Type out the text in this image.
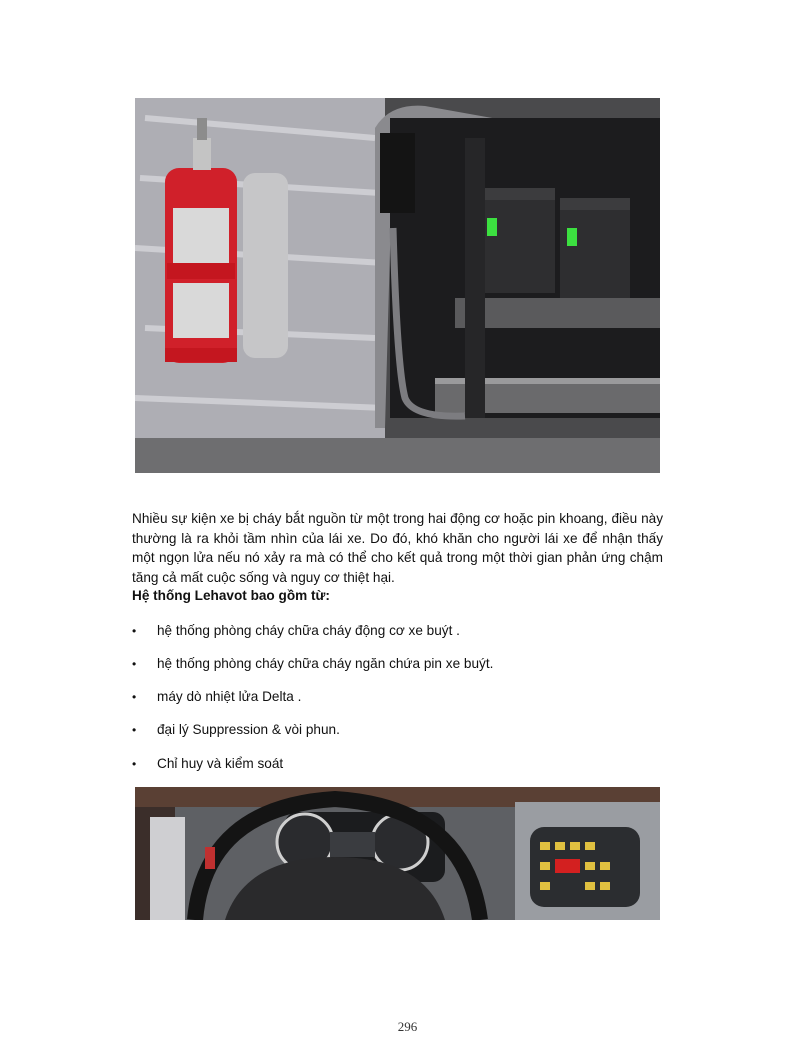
Nhiều sự kiện xe bị cháy bắt nguồn từ một trong hai động cơ hoặc pin khoang, điều này thường là ra khỏi tầm nhìn của lái xe. Do đó, khó khăn cho người lái xe để nhận thấy một ngọn lửa nếu nó xảy ra mà có thể cho kết quả trong một thời gian phản ứng chậm tăng cả mất cuộc sống và nguy cơ thiệt hại.
Hệ thống Lehavot bao gồm từ:
• hệ thống phòng cháy chữa cháy động cơ xe buýt .
• hệ thống phòng cháy chữa cháy ngăn chứa pin xe buýt.
• máy dò nhiệt lửa Delta .
• đại lý Suppression & vòi phun.
• Chỉ huy và kiểm soát
296
